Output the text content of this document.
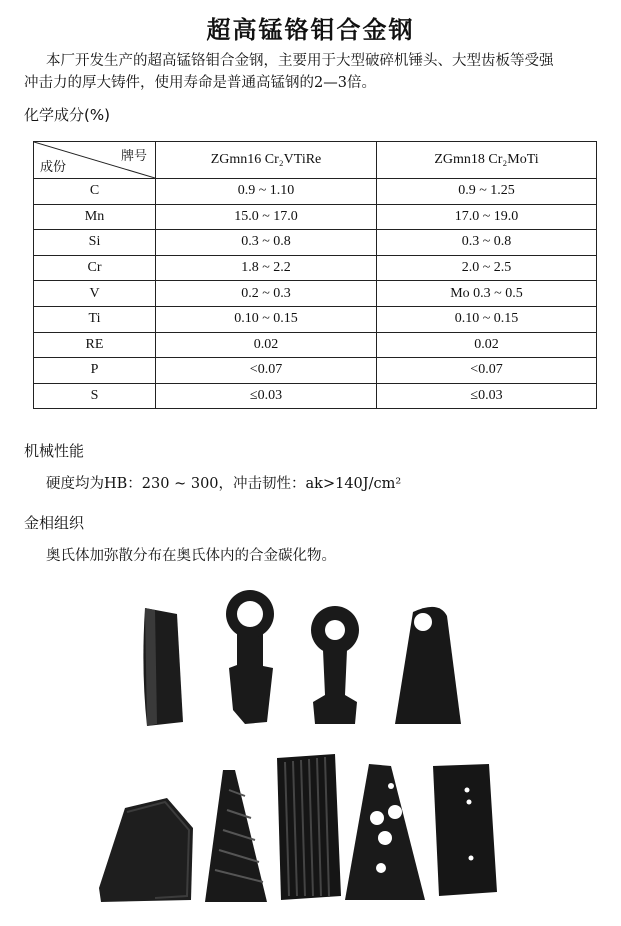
超高锰铬钼合金钢

本厂开发生产的超高锰铬钼合金钢，主要用于大型破碎机锤头、大型齿板等受强

冲击力的厚大铸件，使用寿命是普通高锰钢的2—3倍。

化学成分(%)
牌号
成份	ZGmn16 Cr₂VTiRe	ZGmn18 Cr₂MoTi
C	0.9 ~ 1.10	0.9 ~ 1.25
Mn	15.0 ~ 17.0	17.0 ~ 19.0
Si	0.3 ~ 0.8	0.3 ~ 0.8
Cr	1.8 ~ 2.2	2.0 ~ 2.5
V	0.2 ~ 0.3	Mo 0.3 ~ 0.5
Ti	0.10 ~ 0.15	0.10 ~ 0.15
RE	0.02	0.02
P	<0.07	<0.07
S	≤0.03	≤0.03
机械性能

硬度均为HB：230 ~ 300，冲击韧性：ak>140J/cm²

金相组织

奥氏体加弥散分布在奥氏体内的合金碳化物。
